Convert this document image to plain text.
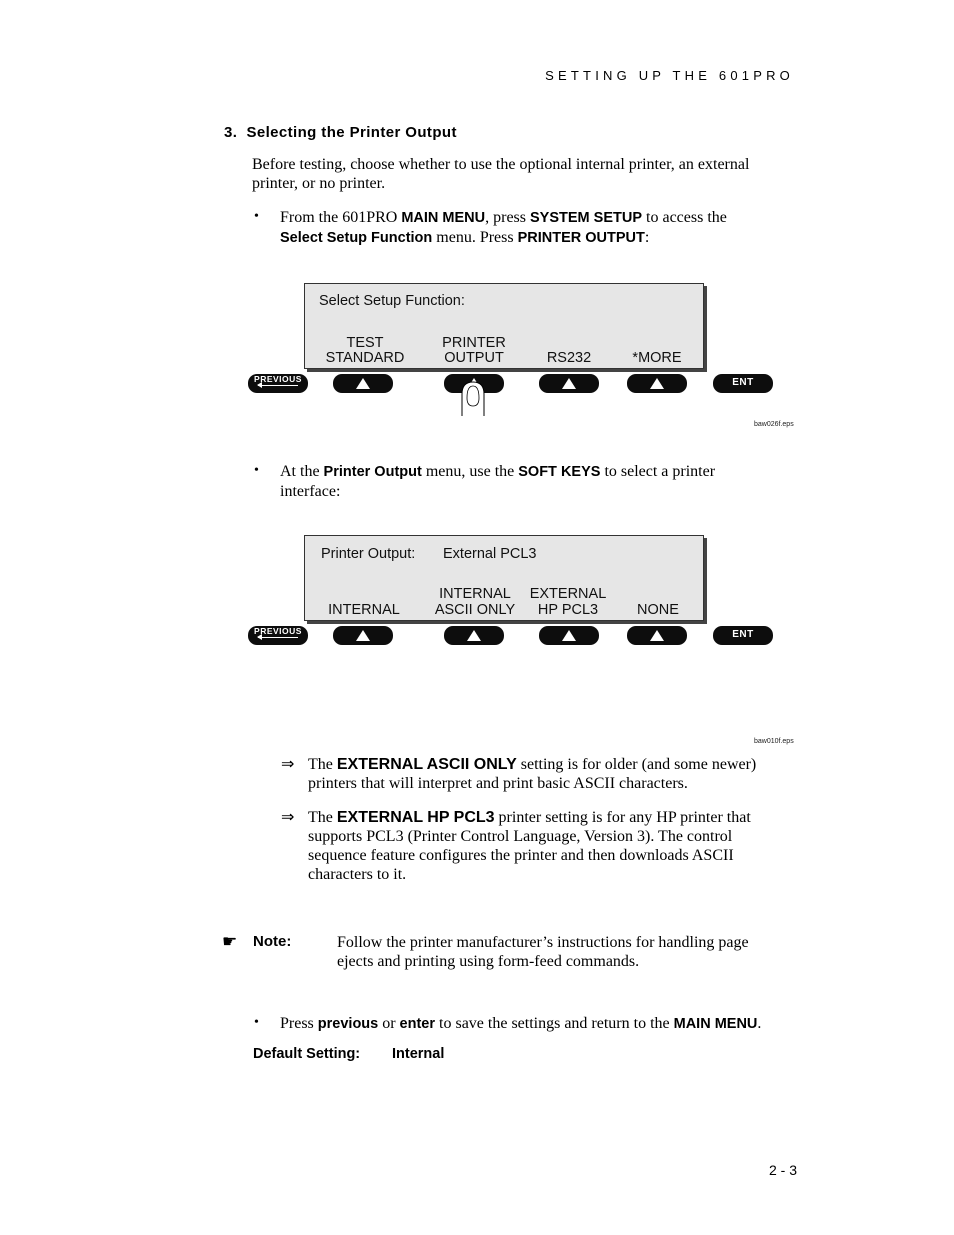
SETTING UP THE 601PRO
3. Selecting the Printer Output
Before testing, choose whether to use the optional internal printer, an external printer, or no printer.
• From the 601PRO MAIN MENU, press SYSTEM SETUP to access the
Select Setup Function menu. Press PRINTER OUTPUT:
Select Setup Function:
TEST
STANDARD
PRINTER
OUTPUT	RS232	*MORE
PREVIOUS	ENT
baw026f.eps
• At the Printer Output menu, use the SOFT KEYS to select a printer
interface:
Printer Output: External PCL3
INTERNAL
INTERNAL
ASCII ONLY
EXTERNAL
HP PCL3	NONE
PREVIOUS	ENT
baw010f.eps
⇒ The EXTERNAL ASCII ONLY setting is for older (and some newer)
printers that will interpret and print basic ASCII characters.
⇒ The EXTERNAL HP PCL3 printer setting is for any HP printer that
supports PCL3 (Printer Control Language, Version 3). The control
sequence feature configures the printer and then downloads ASCII
characters to it.
☛ Note:	Follow the printer manufacturer’s instructions for handling page
ejects and printing using form-feed commands.
• Press previous or enter to save the settings and return to the MAIN MENU.
Default Setting: Internal
2 - 3
